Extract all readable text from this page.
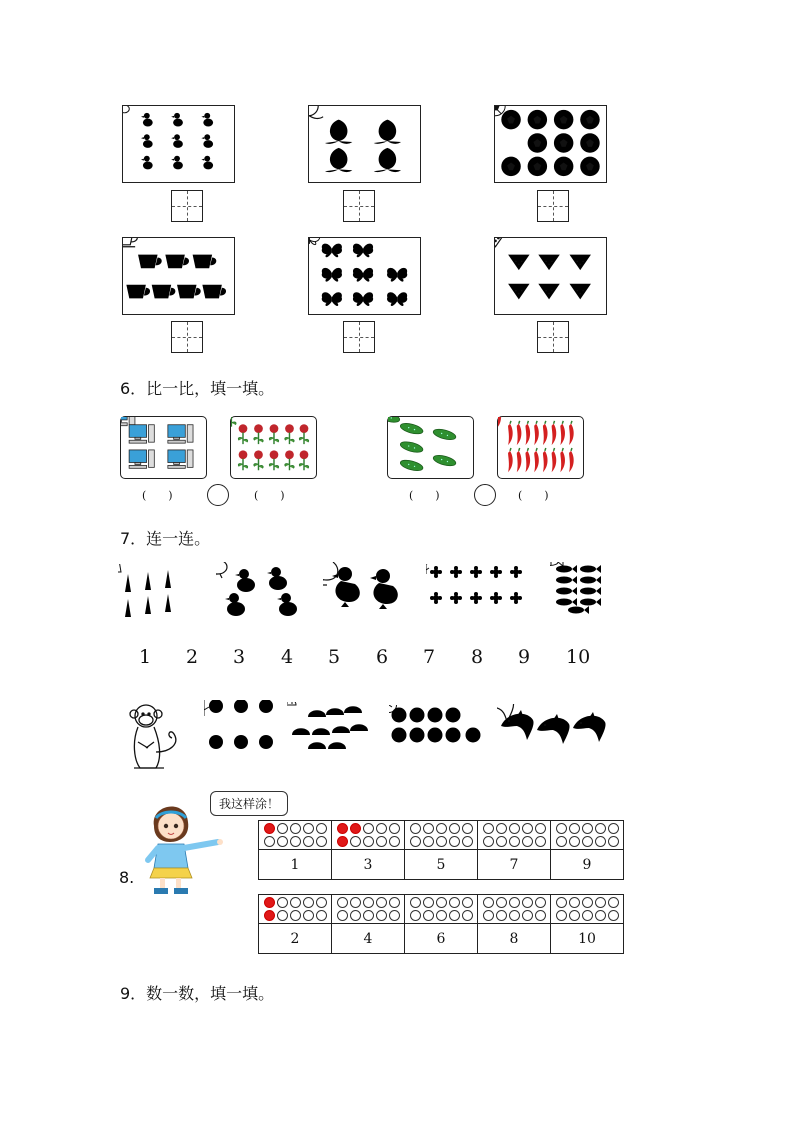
6．比一比，填一填。
(　　)	(　　)	(　　)	(　　)
7．连一连。
1 2 3 4 5 6 7 8 9 10
8.
我这样涂！

1	3	5	7	9

2	4	6	8	10
9．数一数，填一填。
